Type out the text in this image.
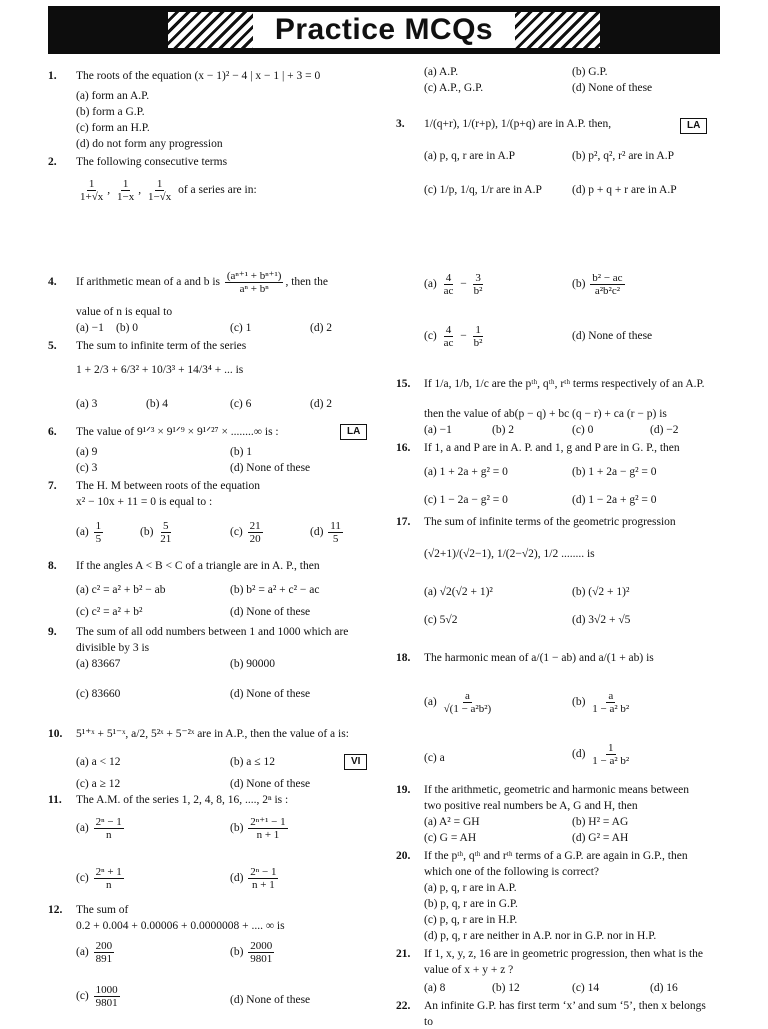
Practice MCQs
1. The roots of the equation (x − 1)² − 4 | x − 1 | + 3 = 0
(a) form an A.P.
(b) form a G.P.
(c) form an H.P.
(d) do not form any progression
2. The following consecutive terms
$\frac{1}{1+√x}$ , $\frac{1}{1-x}$ , $\frac{1}{1-√x}$ of a series are in:
4. If arithmetic mean of a and b is $\frac{\text{(aⁿ⁺¹ + bⁿ⁺¹)}}{\text{aⁿ + bⁿ}}$ , then the
value of n is equal to
(a) −1 (b) 0	(c) 1	(d) 2
5. The sum to infinite term of the series
1 + 2/3 + 6/3² + 10/3³ + 14/3⁴ + ... is
(a) 3	(b) 4	(c) 6	(d) 2
6. The value of 9¹ᐟ³ × 9¹ᐟ⁹ × 9¹ᐟ²⁷ × ........∞ is :	LA
(a) 9	(b) 1
(c) 3	(d) None of these
7. The H. M between roots of the equation
x² − 10x + 11 = 0 is equal to :
$(a) \frac{1}{5}$	$(b) \frac{5}{21}$	$(c) \frac{21}{20}$	$(d) \frac{11}{5}$
8. If the angles A < B < C of a triangle are in A. P., then
(a) c² = a² + b² − ab	(b) b² = a² + c² − ac
(c) c² = a² + b²	(d) None of these
9. The sum of all odd numbers between 1 and 1000 which are
divisible by 3 is
(a) 83667	(b) 90000
(c) 83660	(d) None of these
10. 5¹⁺ˣ + 5¹⁻ˣ, a/2, 5²ˣ + 5⁻²ˣ are in A.P., then the value of a is:
(a) a < 12	(b) a ≤ 12	VI
(c) a ≥ 12	(d) None of these
11. The A.M. of the series 1, 2, 4, 8, 16, ...., 2ⁿ is :
$(a) \frac{\text{2ⁿ − 1}}{n}$	$(b) \frac{\text{2ⁿ⁺¹ − 1}}{n + 1}$
$(c) \frac{\text{2ⁿ + 1}}{n}$	$(d) \frac{\text{2ⁿ − 1}}{n + 1}$
12. The sum of
0.2 + 0.004 + 0.00006 + 0.0000008 + .... ∞ is
$(a) \frac{200}{891}$	$(b) \frac{2000}{9801}$
$(c) \frac{1000}{9801}$	(d) None of these
(a) A.P.	(b) G.P.
(c) A.P., G.P.	(d) None of these
3. 1/(q+r), 1/(r+p), 1/(p+q) are in A.P. then,	LA
(a) p, q, r are in A.P	(b) p², q², r² are in A.P
(c) 1/p, 1/q, 1/r are in A.P	(d) p + q + r are in A.P
$(a) \frac{4}{ac} - \frac{3}{\text{b²}}$	$(b) \frac{\text{b² − ac}}{\text{a²b²c²}}$
$(c) \frac{4}{ac} - \frac{1}{\text{b²}}$	(d) None of these
15. If 1/a, 1/b, 1/c are the pᵗʰ, qᵗʰ, rᵗʰ terms respectively of an A.P.
then the value of ab(p − q) + bc (q − r) + ca (r − p) is
(a) −1	(b) 2	(c) 0	(d) −2
16. If 1, a and P are in A. P. and 1, g and P are in G. P., then
(a) 1 + 2a + g² = 0	(b) 1 + 2a − g² = 0
(c) 1 − 2a − g² = 0	(d) 1 − 2a + g² = 0
17. The sum of infinite terms of the geometric progression
(√2+1)/(√2−1), 1/(2−√2), 1/2 ........ is
(a) √2(√2 + 1)²	(b) (√2 + 1)²
(c) 5√2	(d) 3√2 + √5
18. The harmonic mean of a/(1 − ab) and a/(1 + ab) is
$(a) \frac{a}{\text{√(1 − a²b²)}}$	$(b) \frac{a}{\text{1 − a² b²}}$
(c) a	$(d) \frac{1}{\text{1 − a² b²}}$
19. If the arithmetic, geometric and harmonic means between
two positive real numbers be A, G and H, then
(a) A² = GH	(b) H² = AG
(c) G = AH	(d) G² = AH
20. If the pᵗʰ, qᵗʰ and rᵗʰ terms of a G.P. are again in G.P., then
which one of the following is correct?
(a) p, q, r are in A.P.
(b) p, q, r are in G.P.
(c) p, q, r are in H.P.
(d) p, q, r are neither in A.P. nor in G.P. nor in H.P.
21. If 1, x, y, z, 16 are in geometric progression, then what is the
value of x + y + z ?
(a) 8	(b) 12	(c) 14	(d) 16
22. An infinite G.P. has first term ‘x’ and sum ‘5’, then x belongs
to
